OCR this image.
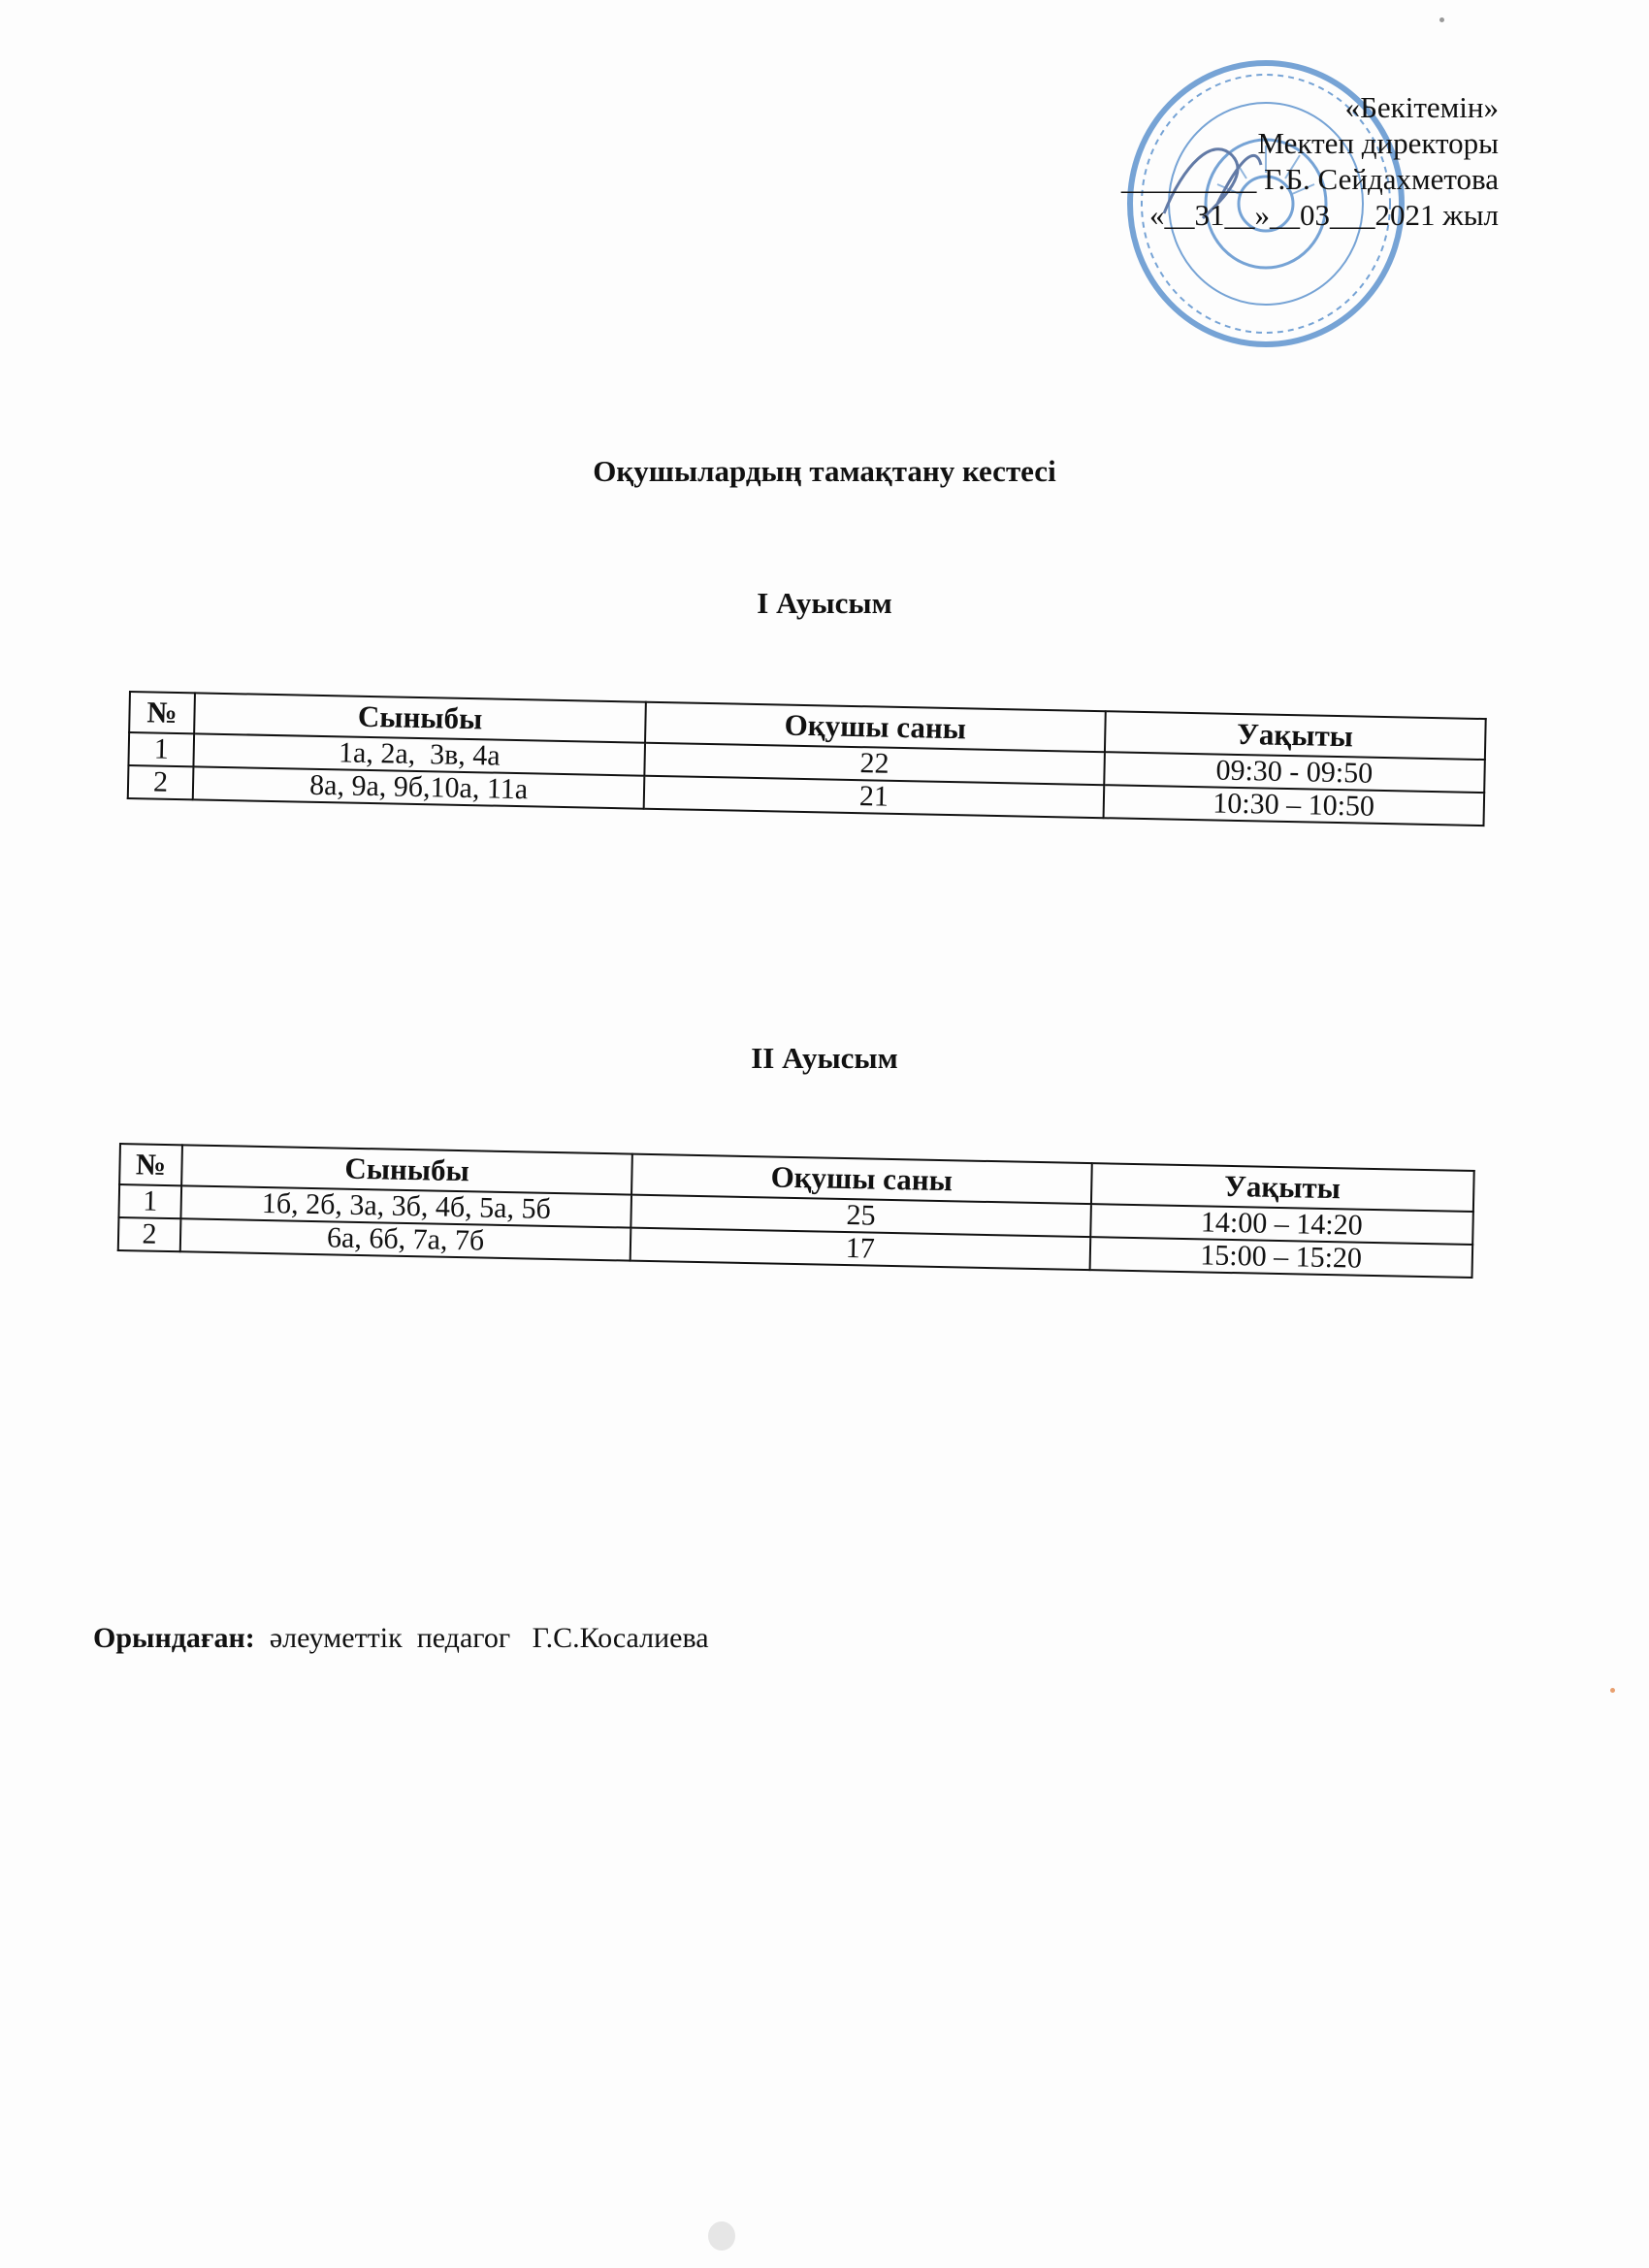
«Бекітемін»
Мектеп директоры
_________ Г.Б. Сейдахметова
«__31__»__03___2021 жыл
Оқушылардың тамақтану кестесі
І Ауысым
№	Сыныбы	Оқушы саны	Уақыты
1	1а, 2а,  3в, 4а	22	09:30 - 09:50
2	8а, 9а, 9б,10а, 11а	21	10:30 – 10:50
ІІ Ауысым
№	Сыныбы	Оқушы саны	Уақыты
1	1б, 2б, 3а, 3б, 4б, 5а, 5б	25	14:00 – 14:20
2	6а, 6б, 7а, 7б	17	15:00 – 15:20
Орындаған:  әлеуметтік  педагог   Г.С.Косалиева
